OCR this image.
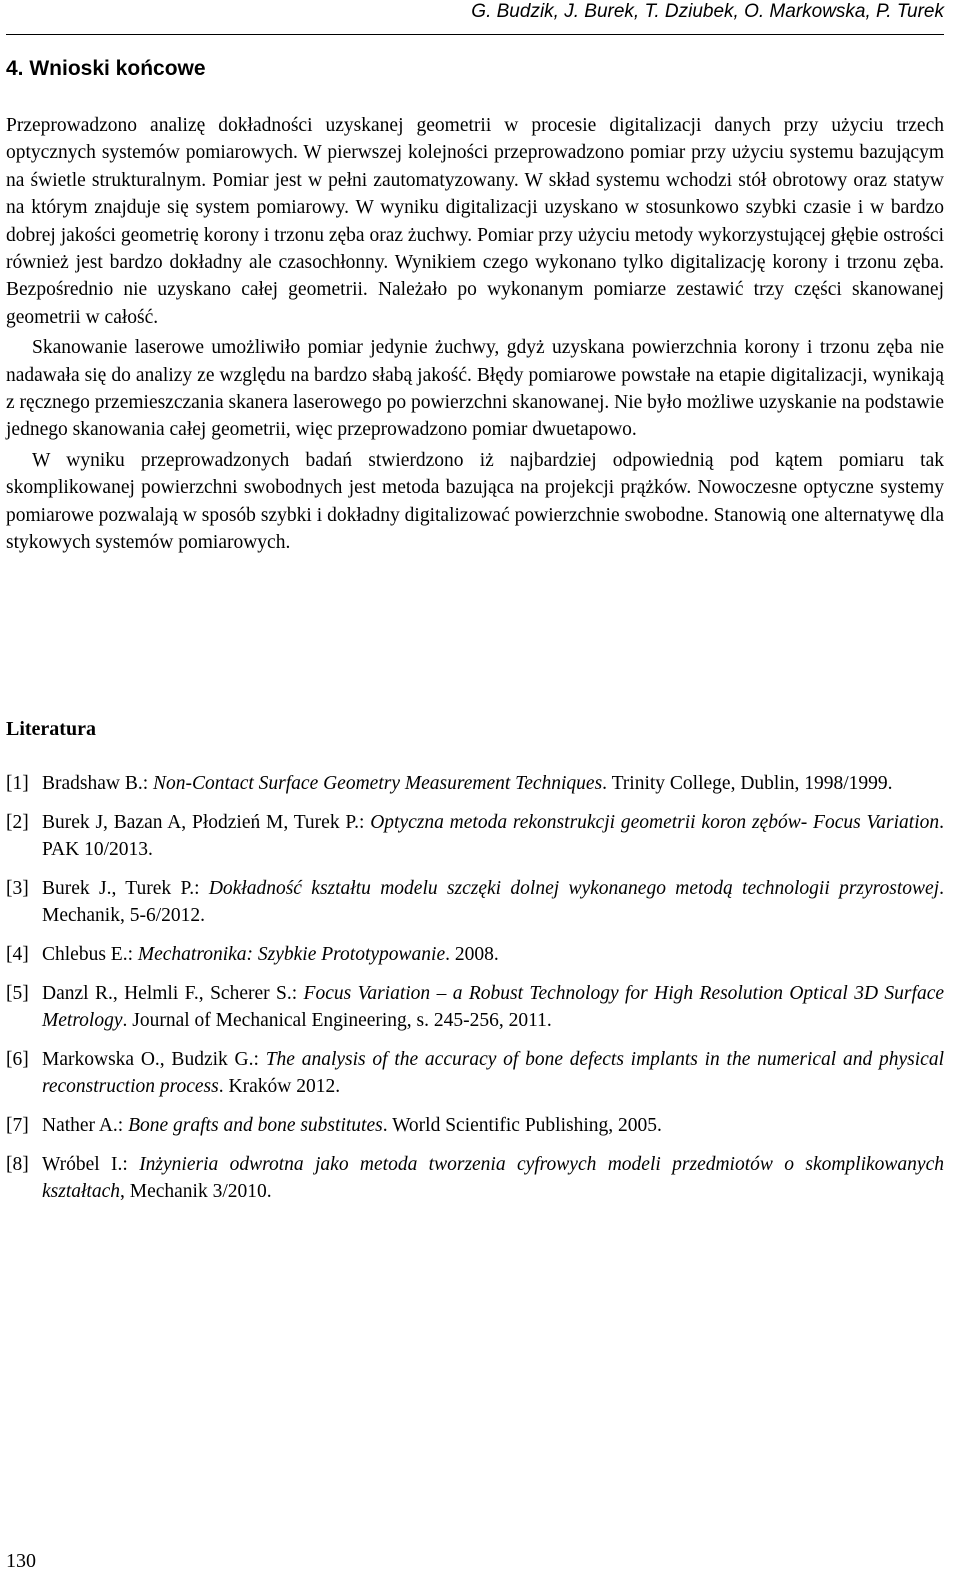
G. Budzik, J. Burek, T. Dziubek, O. Markowska, P. Turek
4. Wnioski końcowe

Przeprowadzono analizę dokładności uzyskanej geometrii w procesie digitalizacji danych przy użyciu trzech optycznych systemów pomiarowych. W pierwszej kolejności przeprowadzono pomiar przy użyciu systemu bazującym na świetle strukturalnym. Pomiar jest w pełni zautomatyzowany. W skład systemu wchodzi stół obrotowy oraz statyw na którym znajduje się system pomiarowy. W wyniku digitalizacji uzyskano w stosunkowo szybki czasie i w bardzo dobrej jakości geometrię korony i trzonu zęba oraz żuchwy. Pomiar przy użyciu metody wykorzystującej głębie ostrości również jest bardzo dokładny ale czasochłonny. Wynikiem czego wykonano tylko digitalizację korony i trzonu zęba. Bezpośrednio nie uzyskano całej geometrii. Należało po wykonanym pomiarze zestawić trzy części skanowanej geometrii w całość.

Skanowanie laserowe umożliwiło pomiar jedynie żuchwy, gdyż uzyskana powierzchnia korony i trzonu zęba nie nadawała się do analizy ze względu na bardzo słabą jakość. Błędy pomiarowe powstałe na etapie digitalizacji, wynikają z ręcznego przemieszczania skanera laserowego po powierzchni skanowanej. Nie było możliwe uzyskanie na podstawie jednego skanowania całej geometrii, więc przeprowadzono pomiar dwuetapowo.

W wyniku przeprowadzonych badań stwierdzono iż najbardziej odpowiednią pod kątem pomiaru tak skomplikowanej powierzchni swobodnych jest metoda bazująca na projekcji prążków. Nowoczesne optyczne systemy pomiarowe pozwalają w sposób szybki i dokładny digitalizować powierzchnie swobodne. Stanowią one alternatywę dla stykowych systemów pomiarowych.

Literatura
[1] Bradshaw B.: Non-Contact Surface Geometry Measurement Techniques. Trinity College, Dublin, 1998/1999.
[2] Burek J, Bazan A, Płodzień M, Turek P.: Optyczna metoda rekonstrukcji geometrii koron zębów- Focus Variation. PAK 10/2013.
[3] Burek J., Turek P.: Dokładność kształtu modelu szczęki dolnej wykonanego metodą technologii przyrostowej. Mechanik, 5-6/2012.
[4] Chlebus E.: Mechatronika: Szybkie Prototypowanie. 2008.
[5] Danzl R., Helmli F., Scherer S.: Focus Variation – a Robust Technology for High Resolution Optical 3D Surface Metrology. Journal of Mechanical Engineering, s. 245-256, 2011.
[6] Markowska O., Budzik G.: The analysis of the accuracy of bone defects implants in the numerical and physical reconstruction process. Kraków 2012.
[7] Nather A.: Bone grafts and bone substitutes. World Scientific Publishing, 2005.
[8] Wróbel I.: Inżynieria odwrotna jako metoda tworzenia cyfrowych modeli przedmiotów o skomplikowanych kształtach, Mechanik 3/2010.
130
